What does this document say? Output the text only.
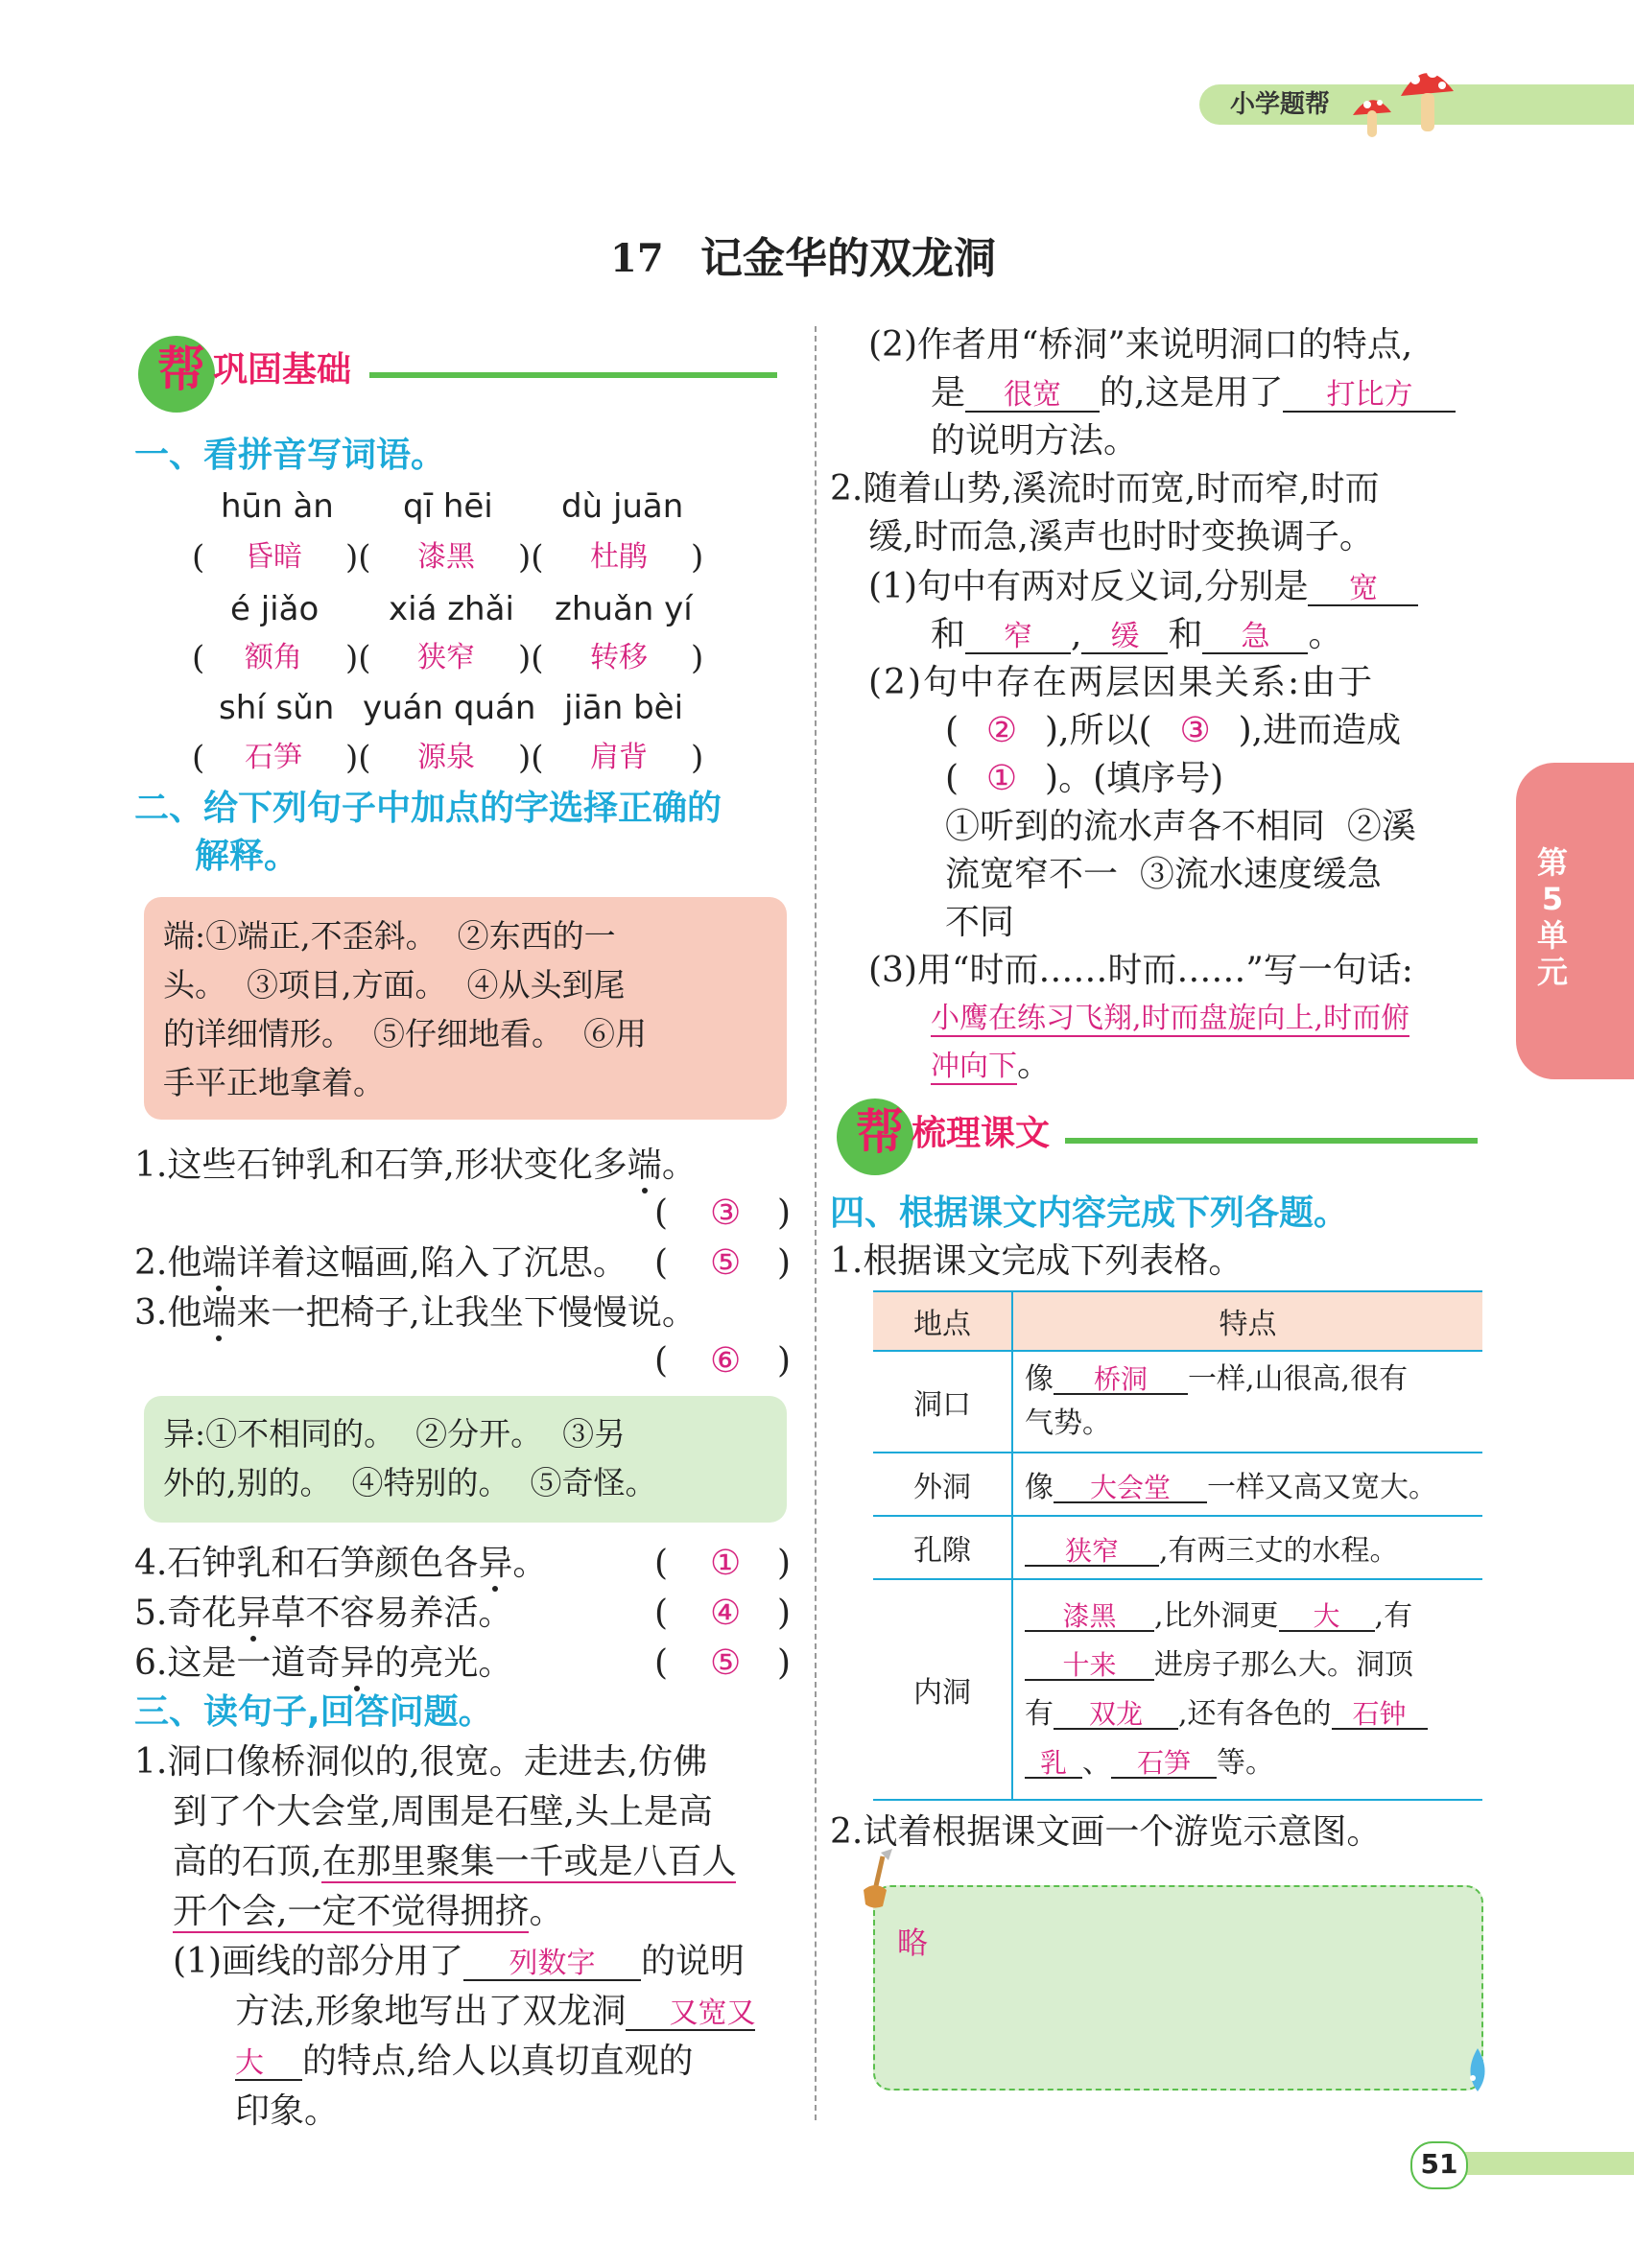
小学题帮
17 记金华的双龙洞
帮 巩固基础
一、看拼音写词语。
hūn àn qī hēi dù juān
( 昏暗 )( 漆黑 )( 杜鹃 )
é jiǎo xiá zhǎi zhuǎn yí
( 额角 )( 狭窄 )( 转移 )
shí sǔn yuán quán jiān bèi
( 石笋 )( 源泉 )( 肩背 )
二、给下列句子中加点的字选择正确的
解释。
端:①端正,不歪斜。  ②东西的一
头。  ③项目,方面。  ④从头到尾
的详细情形。  ⑤仔细地看。  ⑥用
手平正地拿着。
1.这些石钟乳和石笋,形状变化多端。
( ③ )
2.他端详着这幅画,陷入了沉思。 ( ⑤ )
3.他端来一把椅子,让我坐下慢慢说。
( ⑥ )
异:①不相同的。  ②分开。  ③另
外的,别的。  ④特别的。  ⑤奇怪。
4.石钟乳和石笋颜色各异。	( ① )
5.奇花异草不容易养活。	( ④ )
6.这是一道奇异的亮光。	( ⑤ )
三、读句子,回答问题。
1.洞口像桥洞似的,很宽。走进去,仿佛
到了个大会堂,周围是石壁,头上是高
高的石顶,在那里聚集一千或是八百人
开个会,一定不觉得拥挤。
(1)画线的部分用了 列数字 的说明
方法,形象地写出了双龙洞 又宽又
大 的特点,给人以真切直观的
印象。
(2)作者用“桥洞”来说明洞口的特点,
是 很宽 的,这是用了 打比方
的说明方法。
2.随着山势,溪流时而宽,时而窄,时而
缓,时而急,溪声也时时变换调子。
(1)句中有两对反义词,分别是 宽
和 窄 , 缓 和 急 。
(2)句中存在两层因果关系:由于
( ② ),所以( ③ ),进而造成
( ① )。(填序号)
①听到的流水声各不相同  ②溪
流宽窄不一  ③流水速度缓急
不同
(3)用“时而……时而……”写一句话:
小鹰在练习飞翔,时而盘旋向上,时而俯
冲向下。
帮 梳理课文
四、根据课文内容完成下列各题。
1.根据课文完成下列表格。
地点	特点
洞口	像 桥洞 一样,山很高,很有
气势。
外洞	像 大会堂 一样又高又宽大。
孔隙	狭窄 ,有两三丈的水程。
内洞	漆黑 ,比外洞更 大 ,有
十来 进房子那么大。洞顶
有 双龙 ,还有各色的 石钟
乳 、 石笋 等。
2.试着根据课文画一个游览示意图。
略
第5单元
51
